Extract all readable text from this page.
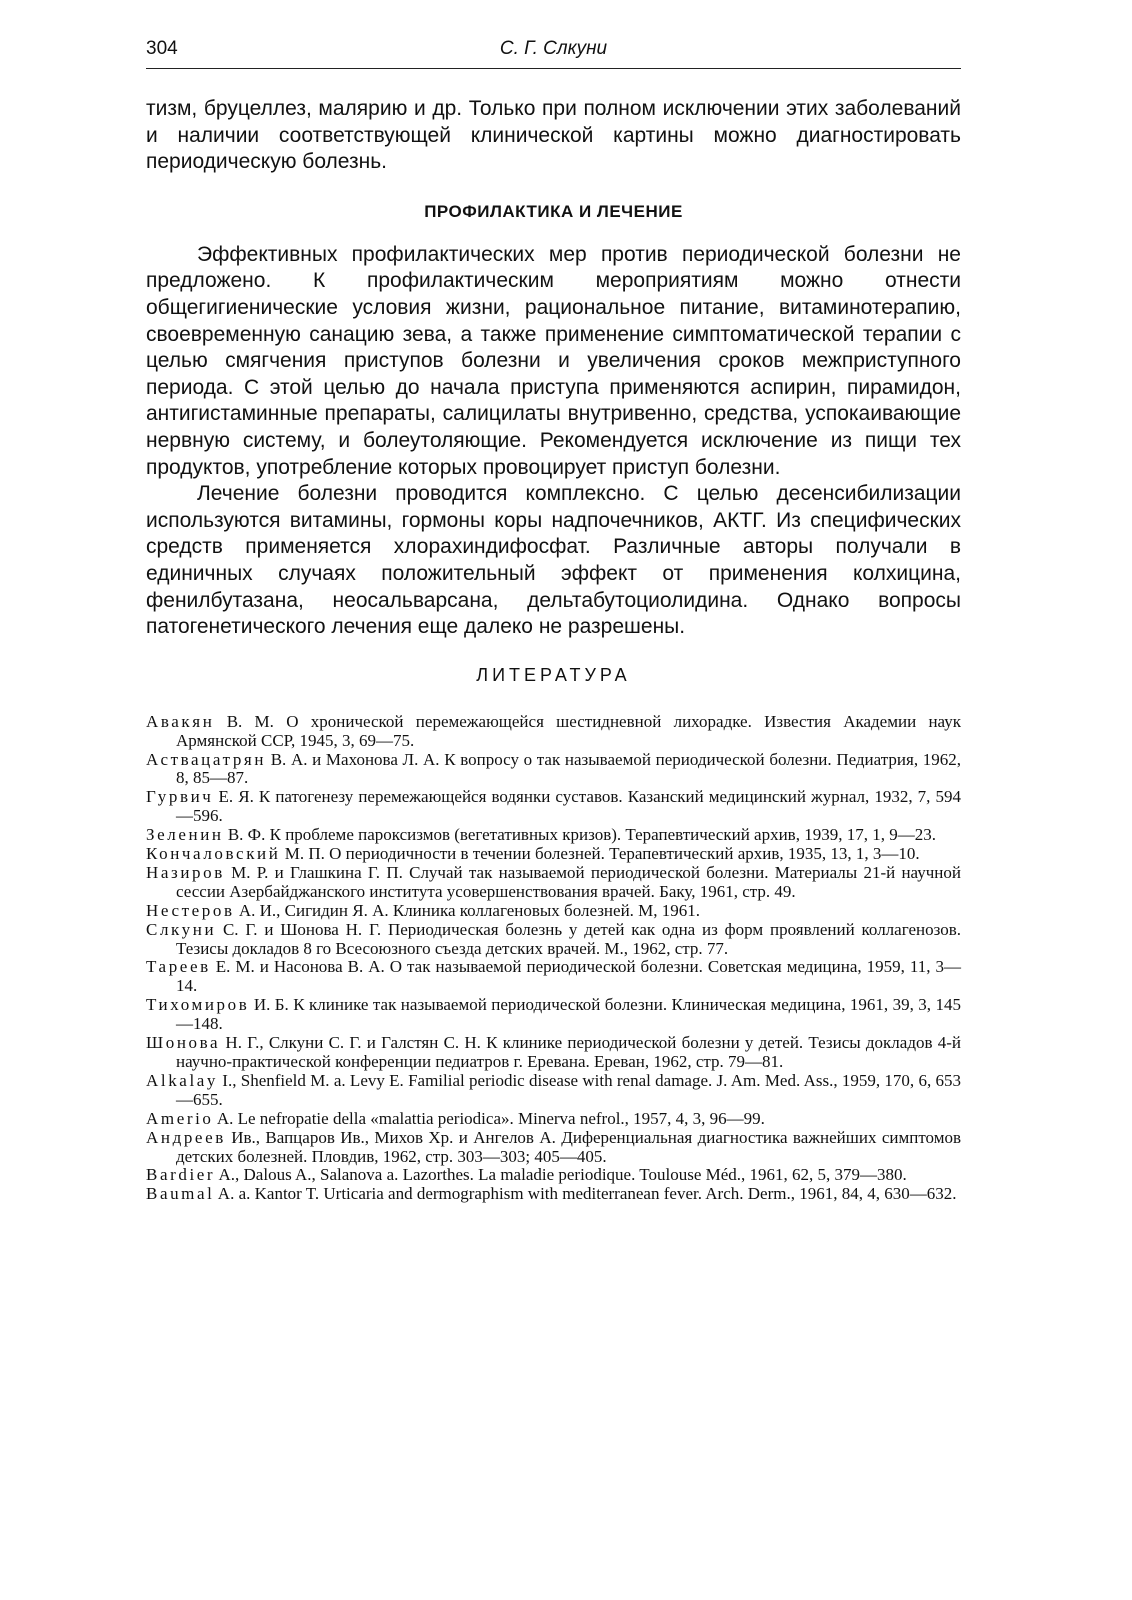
304	С. Г. Слкуни

тизм, бруцеллез, малярию и др. Только при полном исключении этих заболеваний и наличии соответствующей клинической картины можно диагностировать периодическую болезнь.

ПРОФИЛАКТИКА И ЛЕЧЕНИЕ

Эффективных профилактических мер против периодической болезни не предложено. К профилактическим мероприятиям можно отнести общегигиенические условия жизни, рациональное питание, витаминотерапию, своевременную санацию зева, а также применение симптоматической терапии с целью смягчения приступов болезни и увеличения сроков межприступного периода. С этой целью до начала приступа применяются аспирин, пирамидон, антигистаминные препараты, салицилаты внутривенно, средства, успокаивающие нервную систему, и болеутоляющие. Рекомендуется исключение из пищи тех продуктов, употребление которых провоцирует приступ болезни.

Лечение болезни проводится комплексно. С целью десенсибилизации используются витамины, гормоны коры надпочечников, АКТГ. Из специфических средств применяется хлорахиндифосфат. Различные авторы получали в единичных случаях положительный эффект от применения колхицина, фенилбутазана, неосальварсана, дельтабутоциолидина. Однако вопросы патогенетического лечения еще далеко не разрешены.

ЛИТЕРАТУРА
Авакян В. М. О хронической перемежающейся шестидневной лихорадке. Известия Академии наук Армянской ССР, 1945, 3, 69—75.
Аствацатрян В. А. и Махонова Л. А. К вопросу о так называемой периодической болезни. Педиатрия, 1962, 8, 85—87.
Гурвич Е. Я. К патогенезу перемежающейся водянки суставов. Казанский медицинский журнал, 1932, 7, 594—596.
Зеленин В. Ф. К проблеме пароксизмов (вегетативных кризов). Терапевтический архив, 1939, 17, 1, 9—23.
Кончаловский М. П. О периодичности в течении болезней. Терапевтический архив, 1935, 13, 1, 3—10.
Назиров М. Р. и Глашкина Г. П. Случай так называемой периодической болезни. Материалы 21-й научной сессии Азербайджанского института усовершенствования врачей. Баку, 1961, стр. 49.
Нестеров А. И., Сигидин Я. А. Клиника коллагеновых болезней. М, 1961.
Слкуни С. Г. и Шонова Н. Г. Периодическая болезнь у детей как одна из форм проявлений коллагенозов. Тезисы докладов 8 го Всесоюзного съезда детских врачей. М., 1962, стр. 77.
Тареев Е. М. и Насонова В. А. О так называемой периодической болезни. Советская медицина, 1959, 11, 3—14.
Тихомиров И. Б. К клинике так называемой периодической болезни. Клиническая медицина, 1961, 39, 3, 145—148.
Шонова Н. Г., Слкуни С. Г. и Галстян С. Н. К клинике периодической болезни у детей. Тезисы докладов 4-й научно-практической конференции педиатров г. Еревана. Ереван, 1962, стр. 79—81.
Alkalay I., Shenfield M. a. Levy E. Familial periodic disease with renal damage. J. Am. Med. Ass., 1959, 170, 6, 653—655.
Amerio A. Le nefropatie della «malattia periodica». Minerva nefrol., 1957, 4, 3, 96—99.
Андреев Ив., Вапцаров Ив., Михов Хр. и Ангелов А. Диференциальная диагностика важнейших симптомов детских болезней. Пловдив, 1962, стр. 303—303; 405—405.
Bardier A., Dalous A., Salanova a. Lazorthes. La maladie periodique. Toulouse Méd., 1961, 62, 5, 379—380.
Baumal A. a. Kantor T. Urticaria and dermographism with mediterranean fever. Arch. Derm., 1961, 84, 4, 630—632.
